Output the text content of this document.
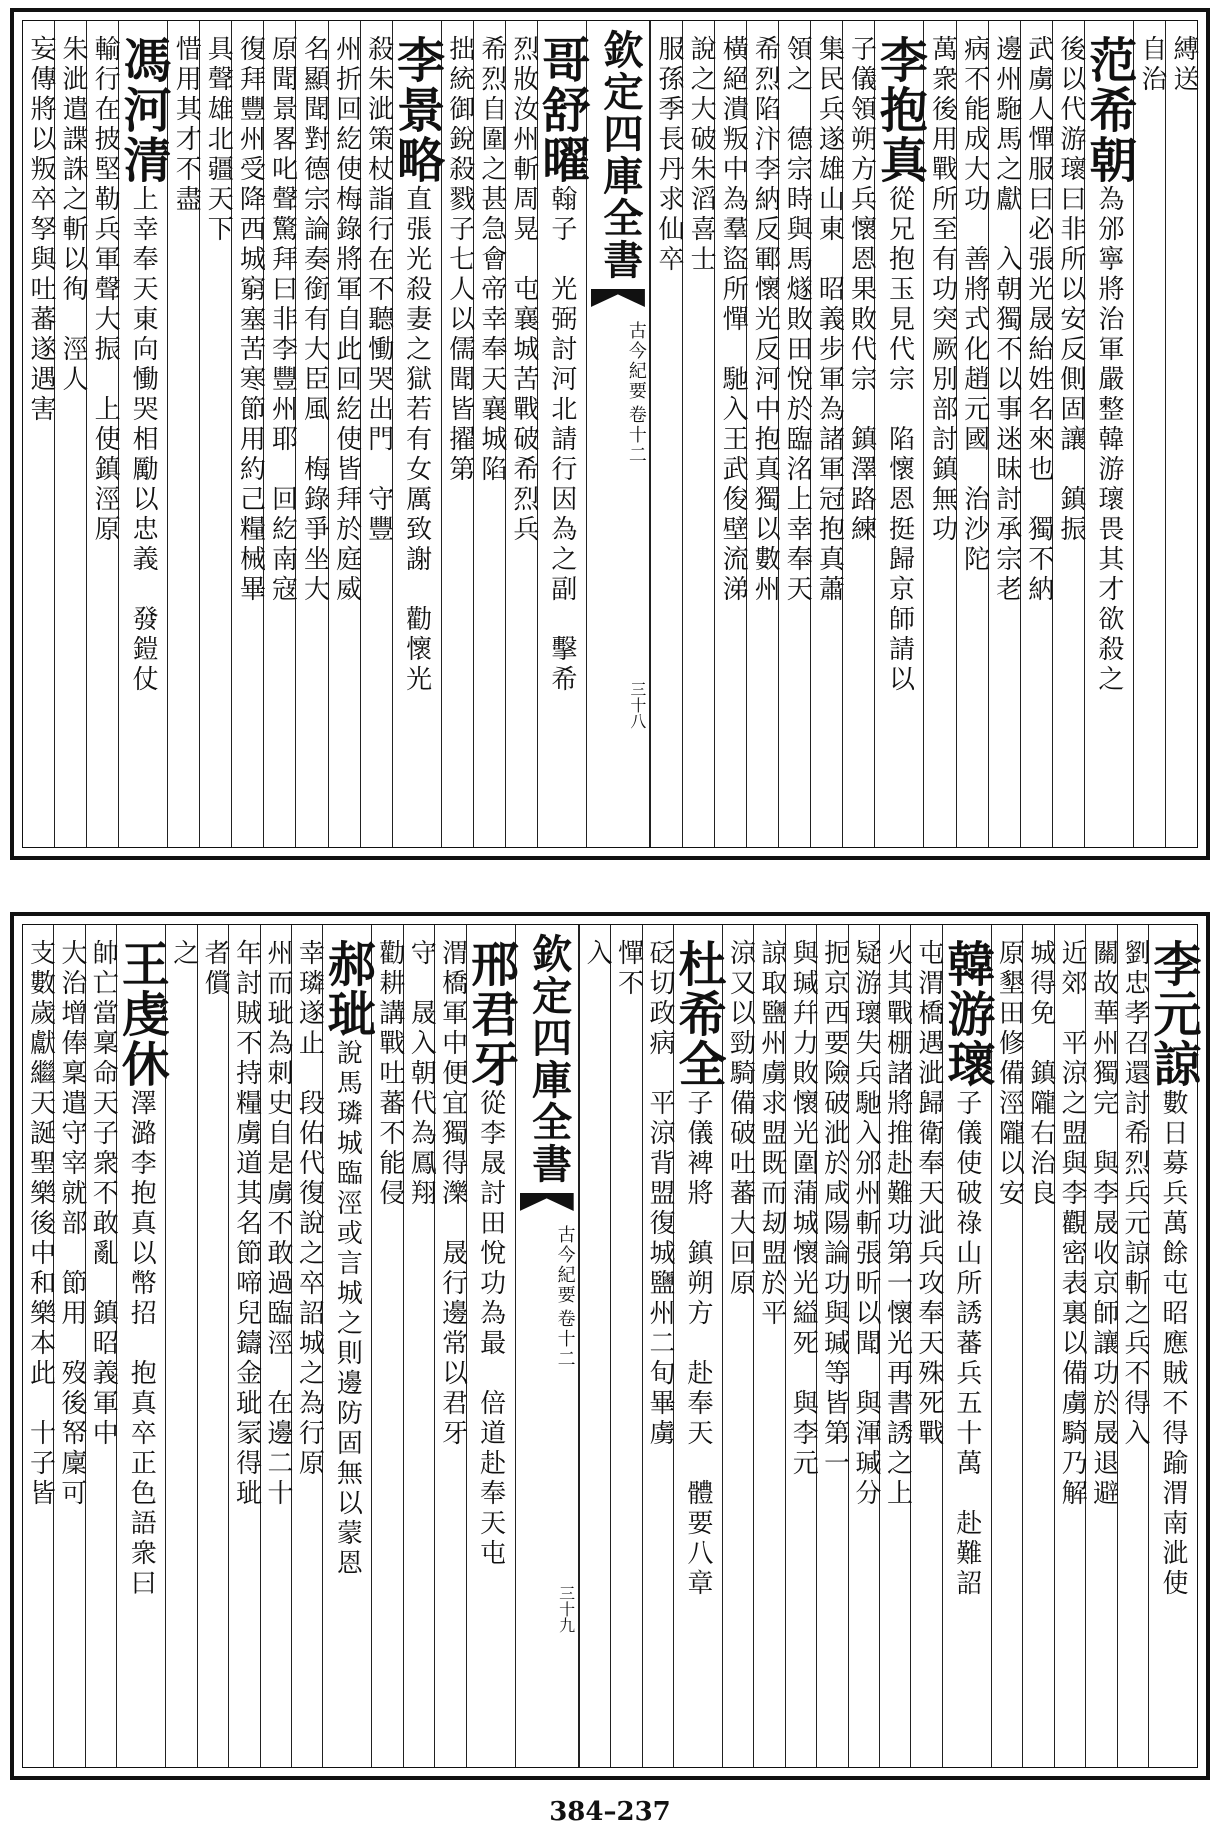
縛送
自治
范希朝為邠寧將治軍嚴整韓游瓌畏其才欲殺之
後以代游瓌曰非所以安反側固讓　鎮振
武虜人憚服曰必張光晟紿姓名來也　獨不納
邊州駞馬之獻　入朝獨不以事迷昧討承宗老
病不能成大功　善將式化趙元國　治沙陀
萬衆後用戰所至有功突厥別部討鎮無功
李抱真從兄抱玉見代宗　陷懷恩挺歸京師請以
子儀領朔方兵懷恩果敗代宗　鎮澤路練
集民兵遂雄山東　昭義步軍為諸軍冠抱真蕭
領之　德宗時與馬燧敗田悅於臨洺上幸奉天
希烈陷汴李納反鄆懷光反河中抱真獨以數州
橫絕潰叛中為羣盜所憚　馳入王武俊壁流涕
說之大破朱滔喜士
服孫季長丹求仙卒
欽定四庫全書
古今紀要
卷十二
三十八
哥舒曜翰子　光弼討河北請行因為之副　擊希
烈妝汝州斬周晃　屯襄城苦戰破希烈兵
希烈自圍之甚急會帝幸奉天襄城陷
拙統御銳殺戮子七人以儒聞皆擢第
李景略直張光殺妻之獄若有女厲致謝　勸懷光
殺朱泚策杖詣行在不聽慟哭出門　守豐
州折回紇使梅錄將軍自此回紇使皆拜於庭威
名顯聞對德宗論奏銜有大臣風　梅錄爭坐大
原聞景畧叱聲驚拜曰非李豐州耶　回紇南寇
復拜豐州受降西城窮塞苦寒節用約己糧械畢
具聲雄北疆天下
惜用其才不盡
馮河清上幸奉天東向慟哭相勵以忠義　發鎧仗
輸行在披堅勒兵軍聲大振　上使鎮涇原
朱泚遣諜誅之斬以徇　涇人
妄傳將以叛卒孥與吐蕃遂遇害
李元諒數日募兵萬餘屯昭應賊不得踰渭南泚使
劉忠孝召還討希烈兵元諒斬之兵不得入
關故華州獨完　與李晟收京師讓功於晟退避
近郊　平涼之盟與李觀密表裏以備虜騎乃解
城得免　鎮隴右治良
原墾田修備涇隴以安
韓游瓌子儀使破祿山所誘蕃兵五十萬　赴難詔
屯渭橋遇泚歸衛奉天泚兵攻奉天殊死戰
火其戰棚諸將推赴難功第一懷光再書誘之上
疑游瓌失兵馳入邠州斬張昕以聞　與渾瑊分
扼京西要險破泚於咸陽論功與瑊等皆第一
與瑊幷力敗懷光圍蒲城懷光縊死　與李元
諒取鹽州虜求盟既而刼盟於平
涼又以勁騎備破吐蕃大回原
杜希全子儀裨將　鎮朔方　赴奉天　體要八章
砭切政病　平涼背盟復城鹽州二旬畢虜
憚不
入
欽定四庫全書
古今紀要
卷十二
三十九
邢君牙從李晟討田悅功為最　倍道赴奉天屯
渭橋軍中便宜獨得濼　晟行邊常以君牙
守　晟入朝代為鳳翔
勸耕講戰吐蕃不能侵
郝玼說馬璘城臨涇或言城之則邊防固無以蒙恩
幸璘遂止　段佑代復說之卒詔城之為行原
州而玼為刺史自是虜不敢過臨涇　在邊二十
年討賊不持糧虜道其名節啼兒鑄金玼冡得玼
者償
之
王虔休澤潞李抱真以幣招　抱真卒正色語衆曰
帥亡當稟命天子衆不敢亂　鎮昭義軍中
大治增俸稟遣守宰就部　節用　歿後帑廩可
支數歲獻繼天誕聖樂後中和樂本此　十子皆
384–237
